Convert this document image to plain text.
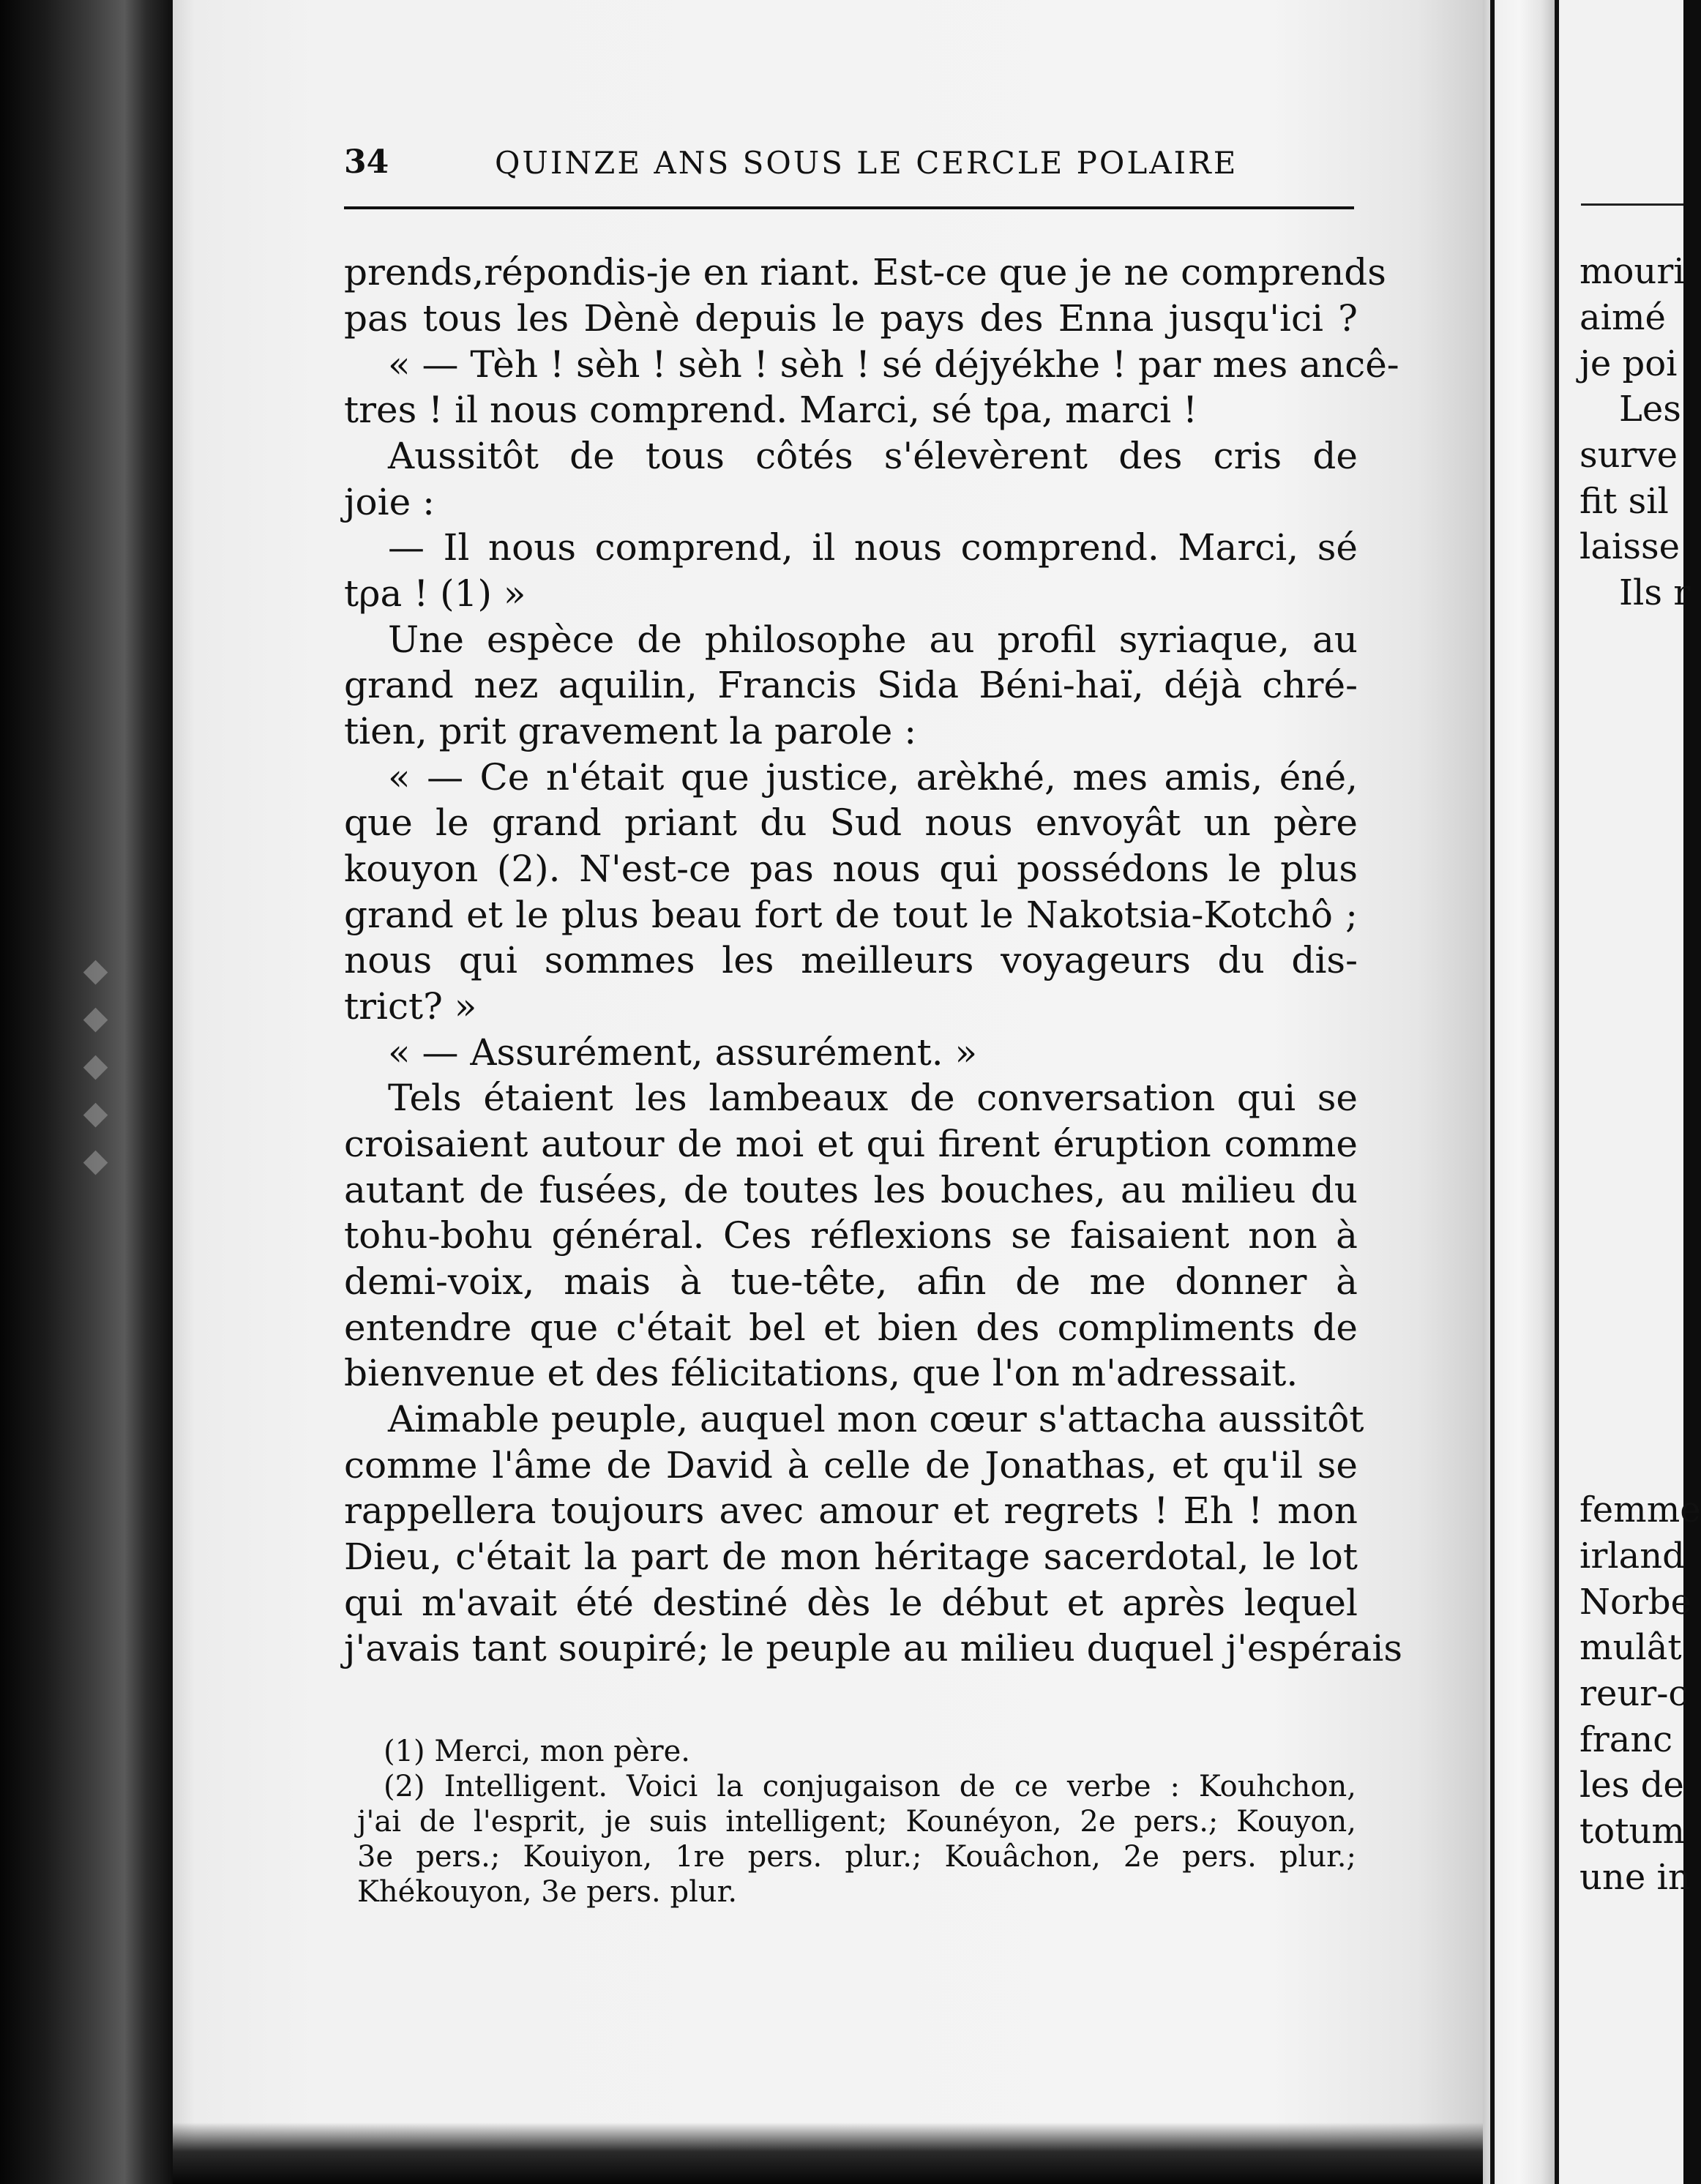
◆ ◆ ◆ ◆ ◆
34	QUINZE ANS SOUS LE CERCLE POLAIRE
prends,répondis-je en riant. Est-ce que je ne comprends
pas tous les Dènè depuis le pays des Enna jusqu'ici ?
« — Tèh ! sèh ! sèh ! sèh ! sé déjyékhe ! par mes ancê-
tres ! il nous comprend. Marci, sé tρa, marci !
Aussitôt de tous côtés s'élevèrent des cris de
joie :
— Il nous comprend, il nous comprend. Marci, sé
tρa ! (1) »
Une espèce de philosophe au profil syriaque, au
grand nez aquilin, Francis Sida Béni-haï, déjà chré-
tien, prit gravement la parole :
« — Ce n'était que justice, arèkhé, mes amis, éné,
que le grand priant du Sud nous envoyât un père
kouyon (2). N'est-ce pas nous qui possédons le plus
grand et le plus beau fort de tout le Nakotsia-Kotchô ;
nous qui sommes les meilleurs voyageurs du dis-
trict? »
« — Assurément, assurément. »
Tels étaient les lambeaux de conversation qui se
croisaient autour de moi et qui firent éruption comme
autant de fusées, de toutes les bouches, au milieu du
tohu-bohu général. Ces réflexions se faisaient non à
demi-voix, mais à tue-tête, afin de me donner à
entendre que c'était bel et bien des compliments de
bienvenue et des félicitations, que l'on m'adressait.
Aimable peuple, auquel mon cœur s'attacha aussitôt
comme l'âme de David à celle de Jonathas, et qu'il se
rappellera toujours avec amour et regrets ! Eh ! mon
Dieu, c'était la part de mon héritage sacerdotal, le lot
qui m'avait été destiné dès le début et après lequel
j'avais tant soupiré; le peuple au milieu duquel j'espérais
(1) Merci, mon père.
(2) Intelligent. Voici la conjugaison de ce verbe : Kouhchon,
j'ai de l'esprit, je suis intelligent; Kounéyon, 2e pers.; Kouyon,
3e pers.; Kouiyon, 1re pers. plur.; Kouâchon, 2e pers. plur.;
Khékouyon, 3e pers. plur.
mouri
aimé
je poi
Les
surve
fit sil
laisse
Ils r
femme
irland
Norbe
mulât
reur-c
franc
les de
totum
une in
